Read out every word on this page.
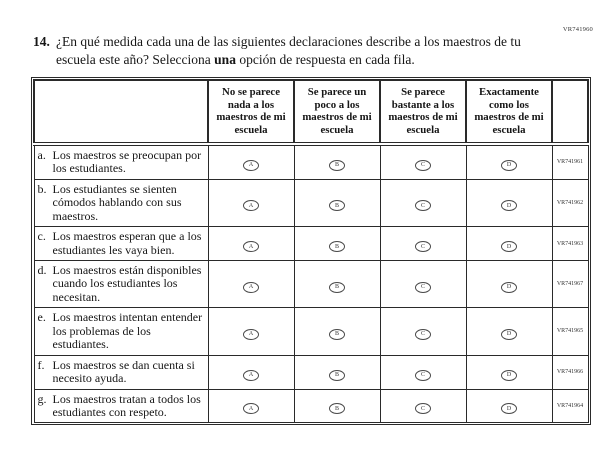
VR741960
14. ¿En qué medida cada una de las siguientes declaraciones describe a los maestros de tu escuela este año? Selecciona una opción de respuesta en cada fila.
	No se parece nada a los maestros de mi escuela	Se parece un poco a los maestros de mi escuela	Se parece bastante a los maestros de mi escuela	Exactamente como los maestros de mi escuela	

a. Los maestros se preocupan por los estudiantes.	A	B	C	D	VR741961

b. Los estudiantes se sienten cómodos hablando con sus maestros.	A	B	C	D	VR741962

c. Los maestros esperan que a los estudiantes les vaya bien.	A	B	C	D	VR741963

d. Los maestros están disponibles cuando los estudiantes los necesitan.	A	B	C	D	VR741967

e. Los maestros intentan entender los problemas de los estudiantes.	A	B	C	D	VR741965

f. Los maestros se dan cuenta si necesito ayuda.	A	B	C	D	VR741966

g. Los maestros tratan a todos los estudiantes con respeto.	A	B	C	D	VR741964
